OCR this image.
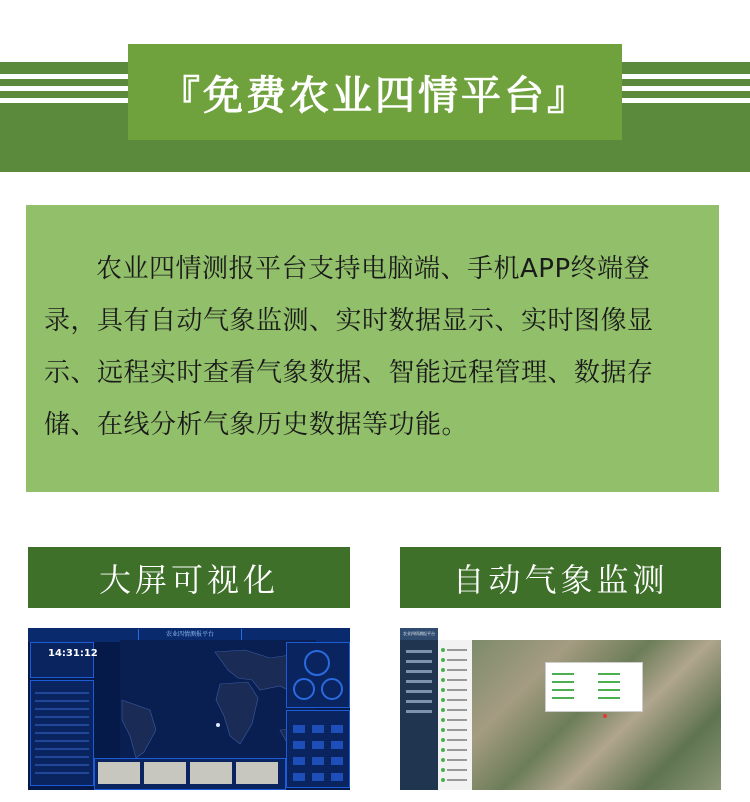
『免费农业四情平台』

农业四情测报平台支持电脑端、手机APP终端登录，具有自动气象监测、实时数据显示、实时图像显示、远程实时查看气象数据、智能远程管理、数据存储、在线分析气象历史数据等功能。

大屏可视化	自动气象监测
农业四情测报平台
14:31:12
农业四情测报平台
